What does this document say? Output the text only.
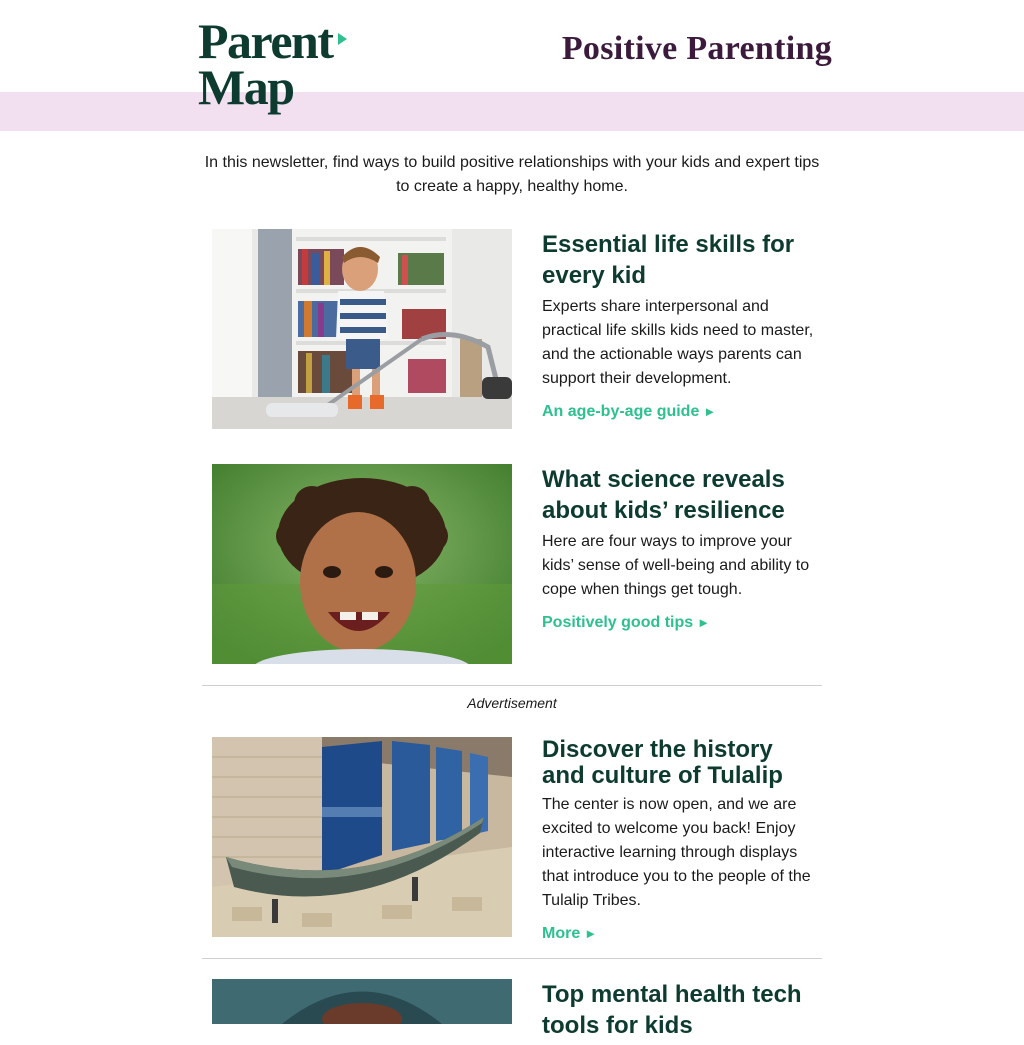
Parent
Map
Positive Parenting

In this newsletter, find ways to build positive relationships with your kids and expert tips to create a happy, healthy home.

Essential life skills for every kid

Experts share interpersonal and practical life skills kids need to master, and the actionable ways parents can support their development.

An age-by-age guide ►
What science reveals about kids’ resilience

Here are four ways to improve your kids’ sense of well-being and ability to cope when things get tough.

Positively good tips ►
Advertisement
Discover the history and culture of Tulalip

The center is now open, and we are excited to welcome you back! Enjoy interactive learning through displays that introduce you to the people of the Tulalip Tribes.

More ►
Top mental health tech tools for kids
